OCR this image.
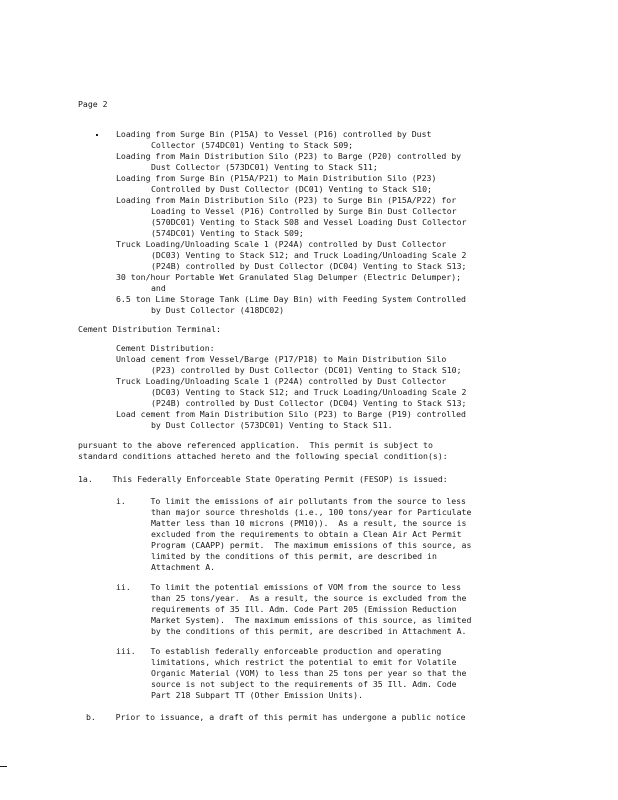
Page 2
Loading from Surge Bin (P15A) to Vessel (P16) controlled by Dust
Collector (574DC01) Venting to Stack S09;
Loading from Main Distribution Silo (P23) to Barge (P20) controlled by
Dust Collector (573DC01) Venting to Stack S11;
Loading from Surge Bin (P15A/P21) to Main Distribution Silo (P23)
Controlled by Dust Collector (DC01) Venting to Stack S10;
Loading from Main Distribution Silo (P23) to Surge Bin (P15A/P22) for
Loading to Vessel (P16) Controlled by Surge Bin Dust Collector
(570DC01) Venting to Stack S08 and Vessel Loading Dust Collector
(574DC01) Venting to Stack S09;
Truck Loading/Unloading Scale 1 (P24A) controlled by Dust Collector
(DC03) Venting to Stack S12; and Truck Loading/Unloading Scale 2
(P24B) controlled by Dust Collector (DC04) Venting to Stack S13;
30 ton/hour Portable Wet Granulated Slag Delumper (Electric Delumper);
and
6.5 ton Lime Storage Tank (Lime Day Bin) with Feeding System Controlled
by Dust Collector (418DC02)
Cement Distribution Terminal:
Cement Distribution:
Unload cement from Vessel/Barge (P17/P18) to Main Distribution Silo
(P23) controlled by Dust Collector (DC01) Venting to Stack S10;
Truck Loading/Unloading Scale 1 (P24A) controlled by Dust Collector
(DC03) Venting to Stack S12; and Truck Loading/Unloading Scale 2
(P24B) controlled by Dust Collector (DC04) Venting to Stack S13;
Load cement from Main Distribution Silo (P23) to Barge (P19) controlled
by Dust Collector (573DC01) Venting to Stack S11.
pursuant to the above referenced application.  This permit is subject to
standard conditions attached hereto and the following special condition(s):
1a.    This Federally Enforceable State Operating Permit (FESOP) is issued:
i.     To limit the emissions of air pollutants from the source to less
than major source thresholds (i.e., 100 tons/year for Particulate
Matter less than 10 microns (PM10)).  As a result, the source is
excluded from the requirements to obtain a Clean Air Act Permit
Program (CAAPP) permit.  The maximum emissions of this source, as
limited by the conditions of this permit, are described in
Attachment A.
ii.    To limit the potential emissions of VOM from the source to less
than 25 tons/year.  As a result, the source is excluded from the
requirements of 35 Ill. Adm. Code Part 205 (Emission Reduction
Market System).  The maximum emissions of this source, as limited
by the conditions of this permit, are described in Attachment A.
iii.   To establish federally enforceable production and operating
limitations, which restrict the potential to emit for Volatile
Organic Material (VOM) to less than 25 tons per year so that the
source is not subject to the requirements of 35 Ill. Adm. Code
Part 218 Subpart TT (Other Emission Units).
b.    Prior to issuance, a draft of this permit has undergone a public notice
